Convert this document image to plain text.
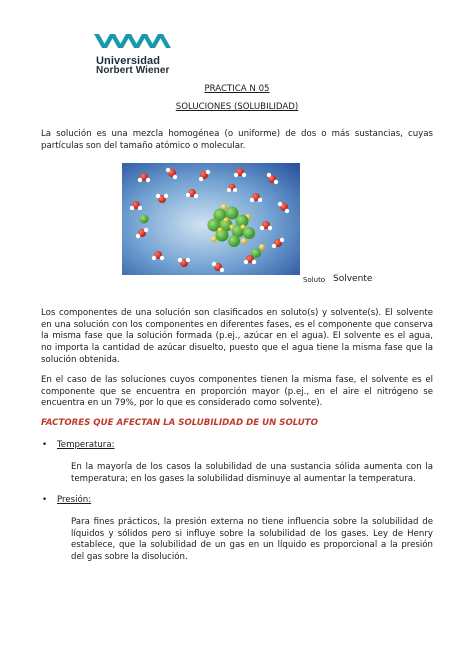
Universidad
Norbert Wiener
PRACTICA N 05
SOLUCIONES (SOLUBILIDAD)

La solución es una mezcla homogénea (o uniforme) de dos o más sustancias, cuyas partículas son del tamaño atómico o molecular.

Soluto Solvente

Los componentes de una solución son clasificados en soluto(s) y solvente(s). El solvente en una solución con los componentes en diferentes fases, es el componente que conserva la misma fase que la solución formada (p.ej., azúcar en el agua). El solvente es el agua, no importa la cantidad de azúcar disuelto, puesto que el agua tiene la misma fase que la solución obtenida.

En el caso de las soluciones cuyos componentes tienen la misma fase, el solvente es el componente que se encuentra en proporción mayor (p.ej., en el aire el nitrógeno se encuentra en un 79%, por lo que es considerado como solvente).

FACTORES QUE AFECTAN LA SOLUBILIDAD DE UN SOLUTO
• Temperatura:

En la mayoría de los casos la solubilidad de una sustancia sólida aumenta con la temperatura; en los gases la solubilidad disminuye al aumentar la temperatura.

• Presión:

Para fines prácticos, la presión externa no tiene influencia sobre la solubilidad de líquidos y sólidos pero si influye sobre la solubilidad de los gases. Ley de Henry establece, que la solubilidad de un gas en un líquido es proporcional a la presión del gas sobre la disolución.
